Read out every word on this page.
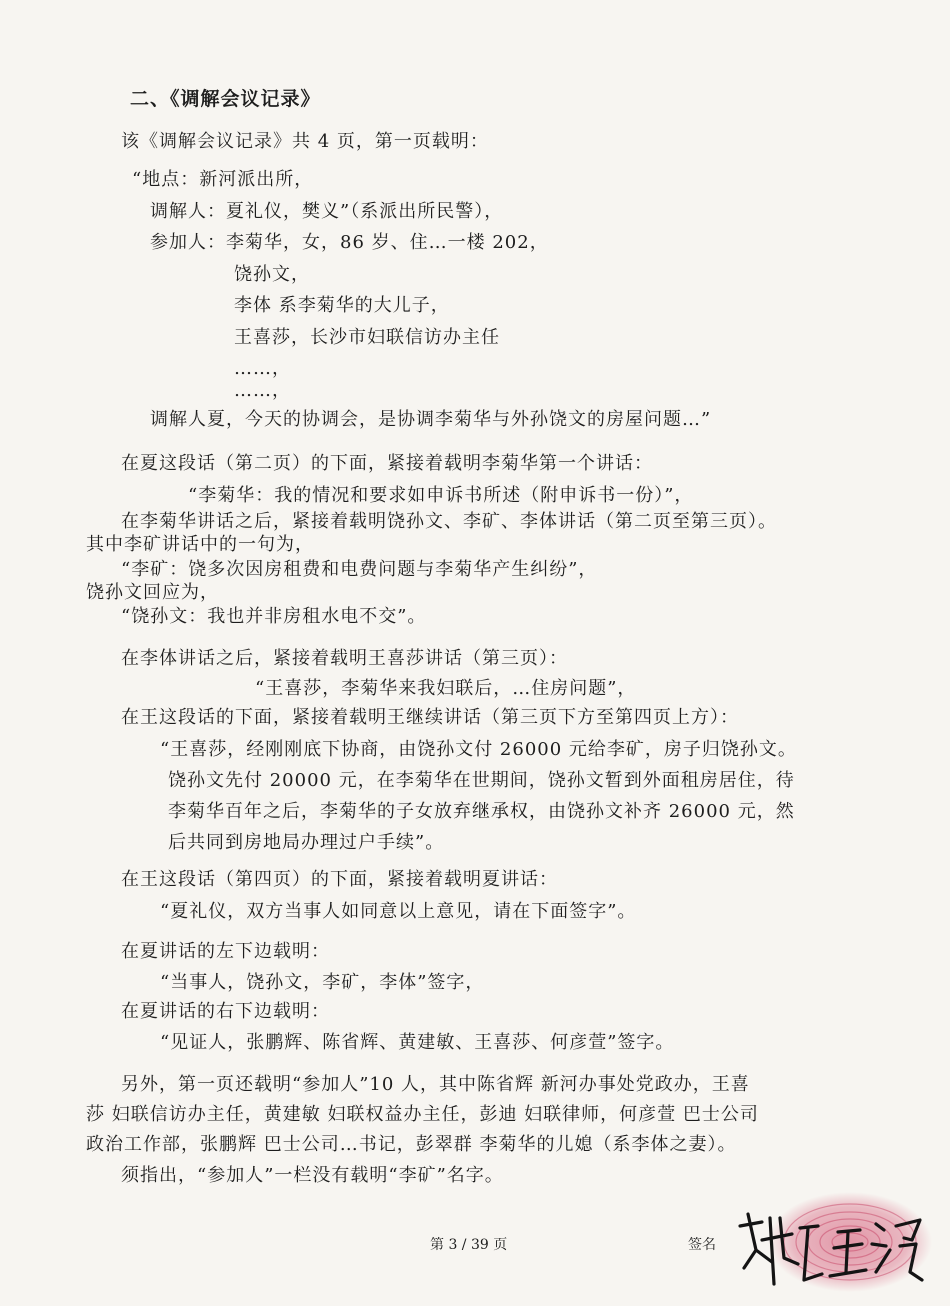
二、《调解会议记录》
该《调解会议记录》共 4 页，第一页载明：
“地点：新河派出所，
调解人：夏礼仪，樊义”（系派出所民警），
参加人：李菊华，女，86 岁、住…一楼 202，
饶孙文，
李体 系李菊华的大儿子，
王喜莎，长沙市妇联信访办主任
……，
……，
调解人夏，今天的协调会，是协调李菊华与外孙饶文的房屋问题…”
在夏这段话（第二页）的下面，紧接着载明李菊华第一个讲话：
“李菊华：我的情况和要求如申诉书所述（附申诉书一份）”，
在李菊华讲话之后，紧接着载明饶孙文、李矿、李体讲话（第二页至第三页）。
其中李矿讲话中的一句为，
“李矿：饶多次因房租费和电费问题与李菊华产生纠纷”，
饶孙文回应为，
“饶孙文：我也并非房租水电不交”。
在李体讲话之后，紧接着载明王喜莎讲话（第三页）：
“王喜莎，李菊华来我妇联后，…住房问题”，
在王这段话的下面，紧接着载明王继续讲话（第三页下方至第四页上方）：
“王喜莎，经刚刚底下协商，由饶孙文付 26000 元给李矿，房子归饶孙文。
饶孙文先付 20000 元，在李菊华在世期间，饶孙文暂到外面租房居住，待
李菊华百年之后，李菊华的子女放弃继承权，由饶孙文补齐 26000 元，然
后共同到房地局办理过户手续”。
在王这段话（第四页）的下面，紧接着载明夏讲话：
“夏礼仪，双方当事人如同意以上意见，请在下面签字”。
在夏讲话的左下边载明：
“当事人，饶孙文，李矿，李体”签字，
在夏讲话的右下边载明：
“见证人，张鹏辉、陈省辉、黄建敏、王喜莎、何彦萱”签字。
另外，第一页还载明“参加人”10 人，其中陈省辉 新河办事处党政办，王喜
莎 妇联信访办主任，黄建敏 妇联权益办主任，彭迪 妇联律师，何彦萱 巴士公司
政治工作部，张鹏辉 巴士公司…书记，彭翠群 李菊华的儿媳（系李体之妻）。
须指出，“参加人”一栏没有载明“李矿”名字。
第 3 / 39 页	签名
